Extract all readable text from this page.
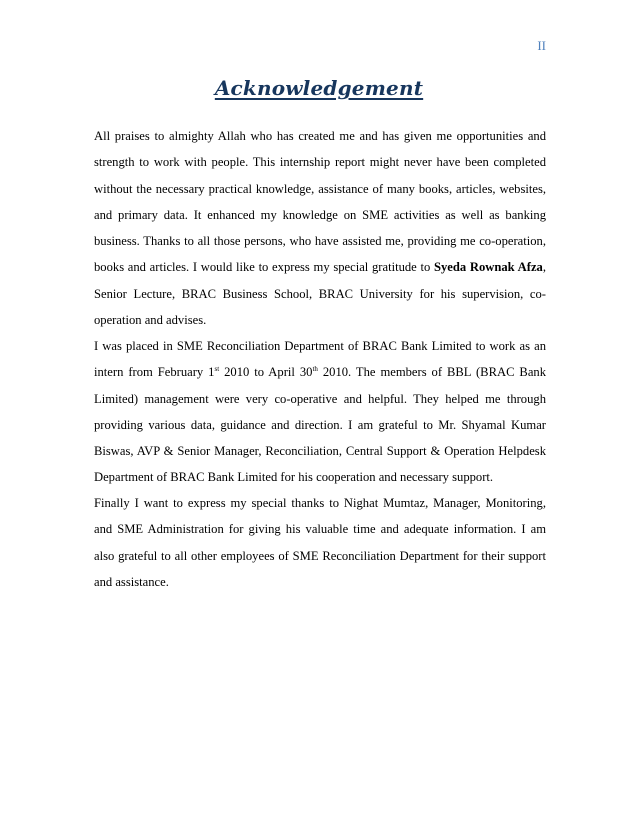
II
Acknowledgement

All praises to almighty Allah who has created me and has given me opportunities and strength to work with people. This internship report might never have been completed without the necessary practical knowledge, assistance of many books, articles, websites, and primary data. It enhanced my knowledge on SME activities as well as banking business. Thanks to all those persons, who have assisted me, providing me co-operation, books and articles. I would like to express my special gratitude to Syeda Rownak Afza, Senior Lecture, BRAC Business School, BRAC University for his supervision, co-operation and advises.

I was placed in SME Reconciliation Department of BRAC Bank Limited to work as an intern from February 1st 2010 to April 30th 2010. The members of BBL (BRAC Bank Limited) management were very co-operative and helpful. They helped me through providing various data, guidance and direction. I am grateful to Mr. Shyamal Kumar Biswas, AVP & Senior Manager, Reconciliation, Central Support & Operation Helpdesk Department of BRAC Bank Limited for his cooperation and necessary support.

Finally I want to express my special thanks to Nighat Mumtaz, Manager, Monitoring, and SME Administration for giving his valuable time and adequate information. I am also grateful to all other employees of SME Reconciliation Department for their support and assistance.
